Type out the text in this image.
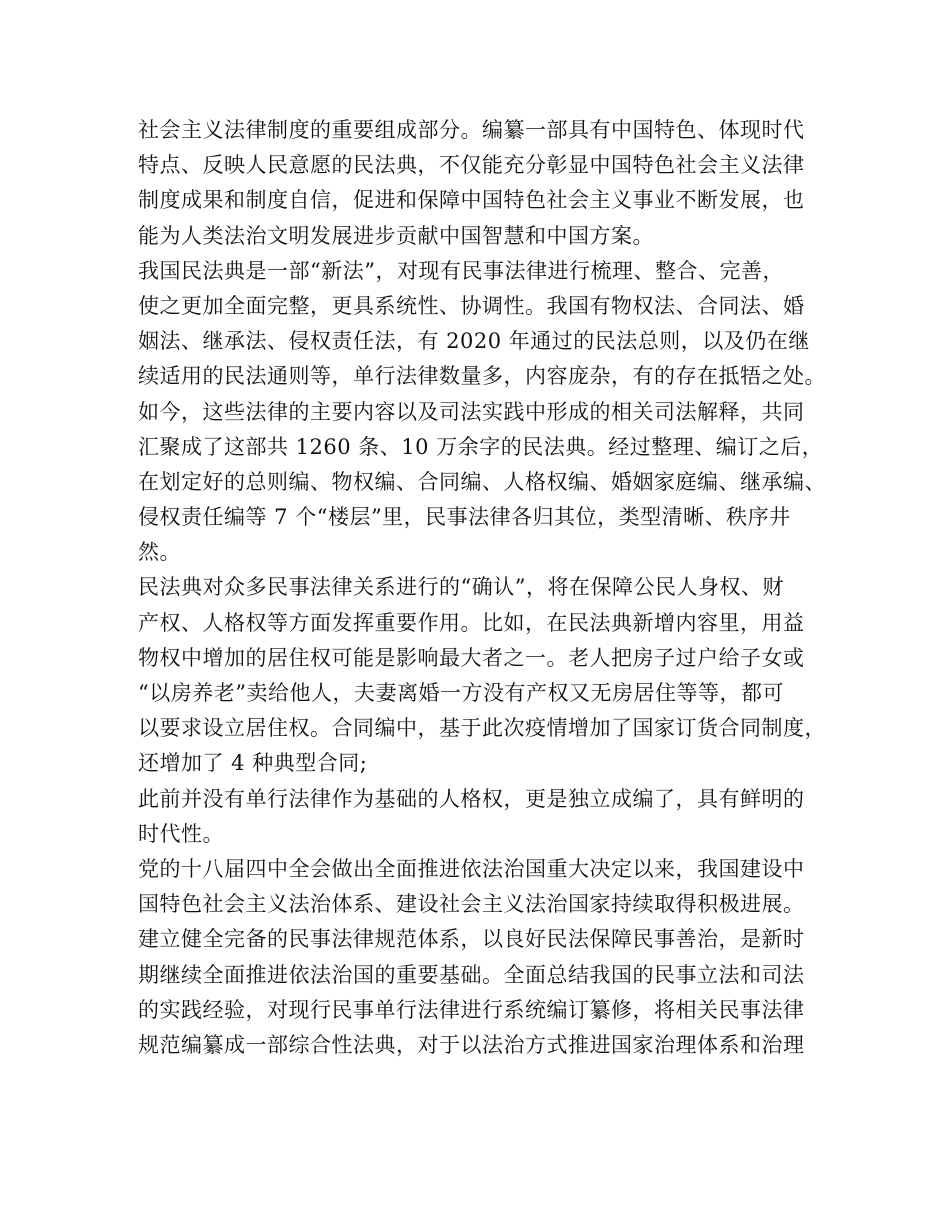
社会主义法律制度的重要组成部分。编纂一部具有中国特色、体现时代
特点、反映人民意愿的民法典，不仅能充分彰显中国特色社会主义法律
制度成果和制度自信，促进和保障中国特色社会主义事业不断发展，也
能为人类法治文明发展进步贡献中国智慧和中国方案。
我国民法典是一部“新法”，对现有民事法律进行梳理、整合、完善，
使之更加全面完整，更具系统性、协调性。我国有物权法、合同法、婚
姻法、继承法、侵权责任法，有 2020 年通过的民法总则，以及仍在继
续适用的民法通则等，单行法律数量多，内容庞杂，有的存在抵牾之处。
如今，这些法律的主要内容以及司法实践中形成的相关司法解释，共同
汇聚成了这部共 1260 条、10 万余字的民法典。经过整理、编订之后，
在划定好的总则编、物权编、合同编、人格权编、婚姻家庭编、继承编、
侵权责任编等 7 个“楼层”里，民事法律各归其位，类型清晰、秩序井
然。
民法典对众多民事法律关系进行的“确认”，将在保障公民人身权、财
产权、人格权等方面发挥重要作用。比如，在民法典新增内容里，用益
物权中增加的居住权可能是影响最大者之一。老人把房子过户给子女或
“以房养老”卖给他人，夫妻离婚一方没有产权又无房居住等等，都可
以要求设立居住权。合同编中，基于此次疫情增加了国家订货合同制度，
还增加了 4 种典型合同;
此前并没有单行法律作为基础的人格权，更是独立成编了，具有鲜明的
时代性。
党的十八届四中全会做出全面推进依法治国重大决定以来，我国建设中
国特色社会主义法治体系、建设社会主义法治国家持续取得积极进展。
建立健全完备的民事法律规范体系，以良好民法保障民事善治，是新时
期继续全面推进依法治国的重要基础。全面总结我国的民事立法和司法
的实践经验，对现行民事单行法律进行系统编订纂修，将相关民事法律
规范编纂成一部综合性法典，对于以法治方式推进国家治理体系和治理
